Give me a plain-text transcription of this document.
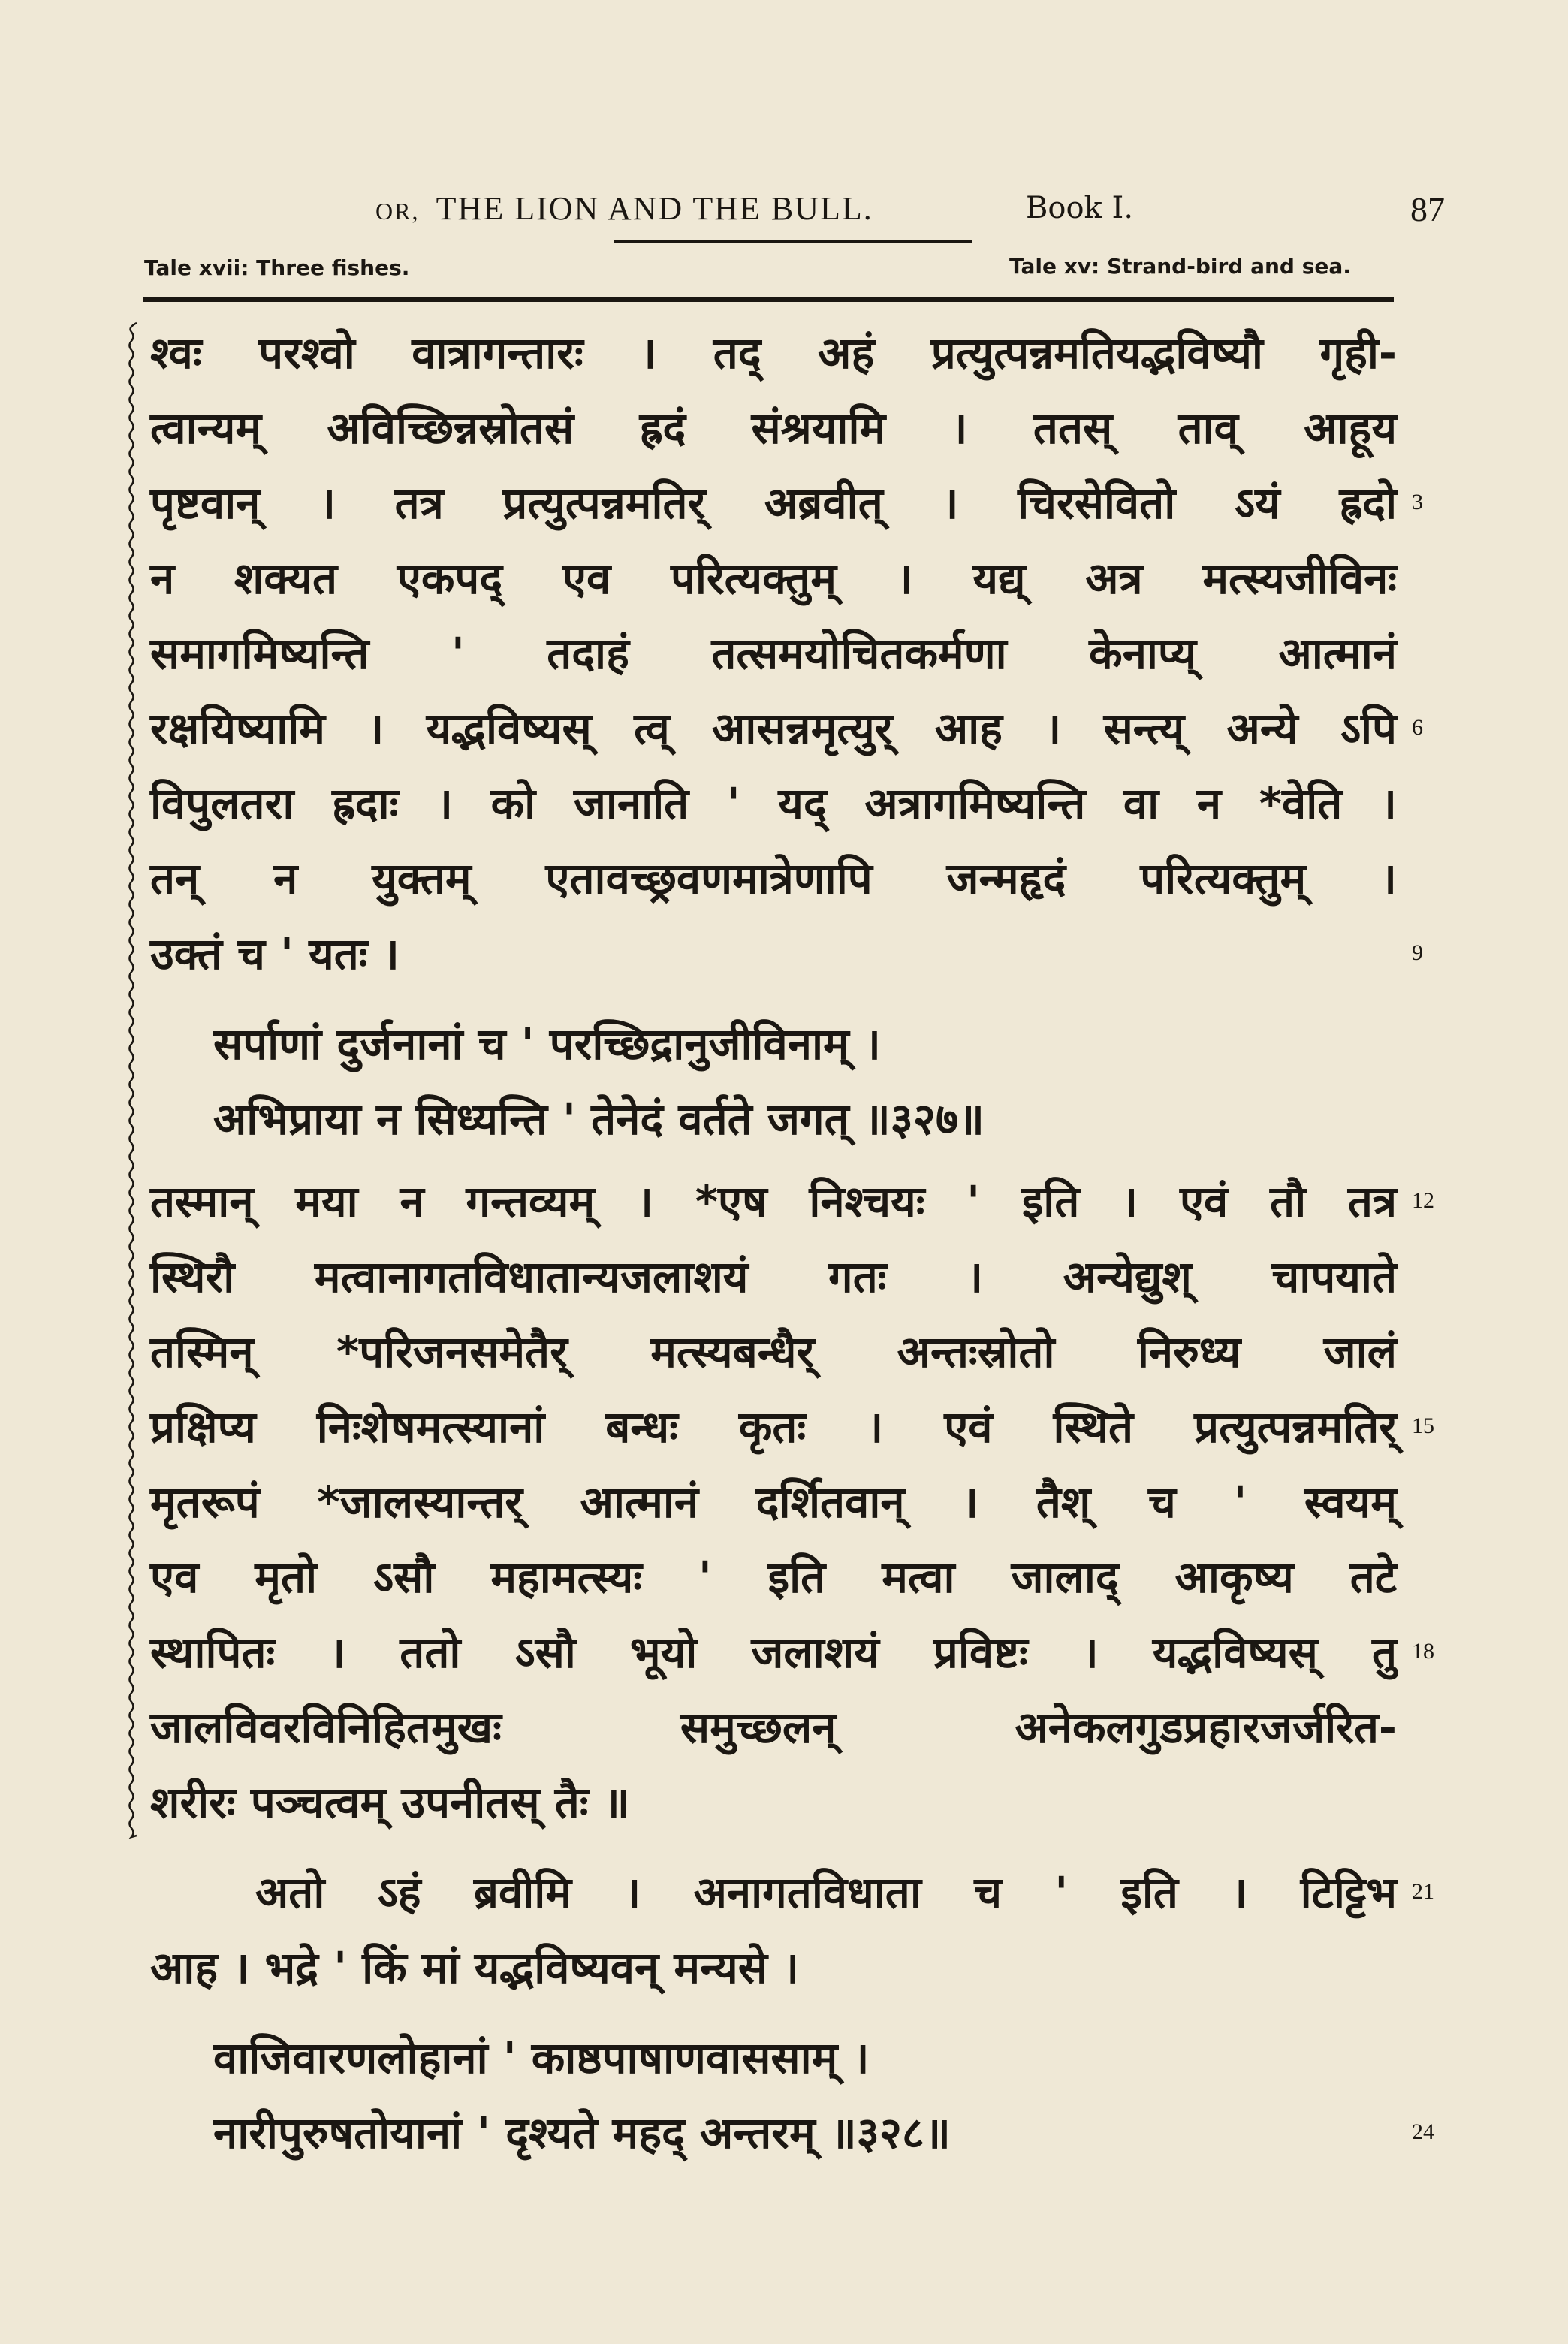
OR, THE LION AND THE BULL.	Book I.	87
Tale xvii: Three fishes.	Tale xv: Strand-bird and sea.
श्वः परश्वो वात्रागन्तारः । तद् अहं प्रत्युत्पन्नमतियद्भविष्यौ गृही-
त्वान्यम् अविच्छिन्नस्रोतसं ह्रदं संश्रयामि । ततस् ताव् आहूय
पृष्टवान् । तत्र प्रत्युत्पन्नमतिर् अब्रवीत् । चिरसेवितो ऽयं ह्रदो
न शक्यत एकपद् एव परित्यक्तुम् । यद्य् अत्र मत्स्यजीविनः
समागमिष्यन्ति ' तदाहं तत्समयोचितकर्मणा केनाप्य् आत्मानं
रक्षयिष्यामि । यद्भविष्यस् त्व् आसन्नमृत्युर् आह । सन्त्य् अन्ये ऽपि
विपुलतरा ह्रदाः । को जानाति ' यद् अत्रागमिष्यन्ति वा न *वेति ।
तन् न युक्तम् एतावच्छ्रवणमात्रेणापि जन्महृदं परित्यक्तुम् ।
उक्तं च ' यतः ।
सर्पाणां दुर्जनानां च ' परच्छिद्रानुजीविनाम् ।
अभिप्राया न सिध्यन्ति ' तेनेदं वर्तते जगत् ॥३२७॥
तस्मान् मया न गन्तव्यम् । *एष निश्चयः ' इति । एवं तौ तत्र
स्थिरौ मत्वानागतविधातान्यजलाशयं गतः । अन्येद्युश् चापयाते
तस्मिन् *परिजनसमेतैर् मत्स्यबन्धैर् अन्तःस्रोतो निरुध्य जालं
प्रक्षिप्य निःशेषमत्स्यानां बन्धः कृतः । एवं स्थिते प्रत्युत्पन्नमतिर्
मृतरूपं *जालस्यान्तर् आत्मानं दर्शितवान् । तैश् च ' स्वयम्
एव मृतो ऽसौ महामत्स्यः ' इति मत्वा जालाद् आकृष्य तटे
स्थापितः । ततो ऽसौ भूयो जलाशयं प्रविष्टः । यद्भविष्यस् तु
जालविवरविनिहितमुखः समुच्छलन् अनेकलगुडप्रहारजर्जरित-
शरीरः पञ्चत्वम् उपनीतस् तैः ॥
अतो ऽहं ब्रवीमि । अनागतविधाता च ' इति । टिट्टिभ
आह । भद्रे ' किं मां यद्भविष्यवन् मन्यसे ।
वाजिवारणलोहानां ' काष्ठपाषाणवाससाम् ।
नारीपुरुषतोयानां ' दृश्यते महद् अन्तरम् ॥३२८॥
3
6
9
12
15
18
21
24
